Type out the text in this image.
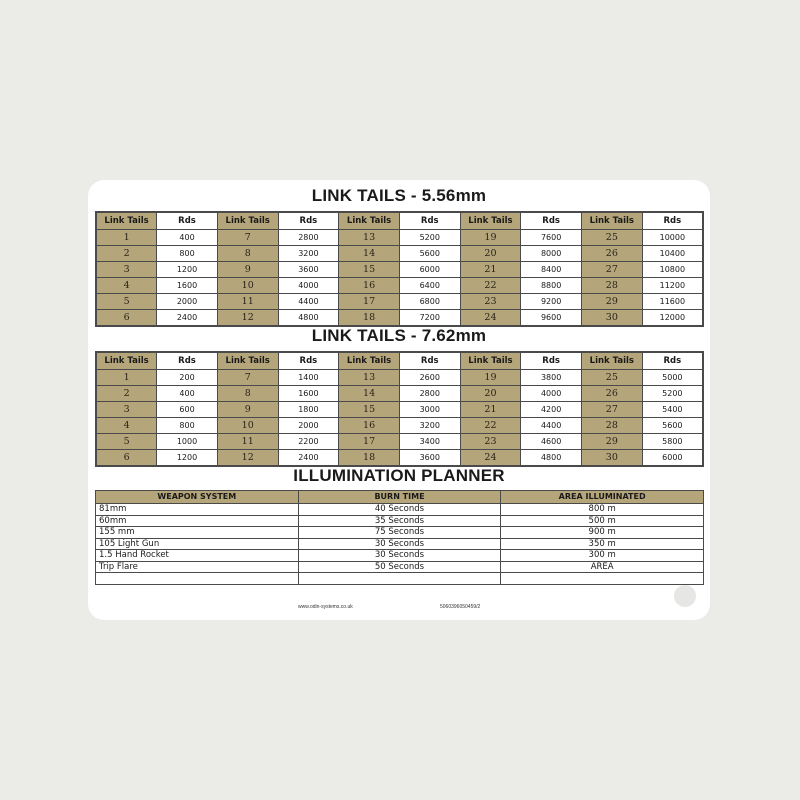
LINK TAILS - 5.56mm
Link Tails	Rds	Link Tails	Rds	Link Tails	Rds	Link Tails	Rds	Link Tails	Rds
1	400	7	2800	13	5200	19	7600	25	10000
2	800	8	3200	14	5600	20	8000	26	10400
3	1200	9	3600	15	6000	21	8400	27	10800
4	1600	10	4000	16	6400	22	8800	28	11200
5	2000	11	4400	17	6800	23	9200	29	11600
6	2400	12	4800	18	7200	24	9600	30	12000
LINK TAILS - 7.62mm
Link Tails	Rds	Link Tails	Rds	Link Tails	Rds	Link Tails	Rds	Link Tails	Rds
1	200	7	1400	13	2600	19	3800	25	5000
2	400	8	1600	14	2800	20	4000	26	5200
3	600	9	1800	15	3000	21	4200	27	5400
4	800	10	2000	16	3200	22	4400	28	5600
5	1000	11	2200	17	3400	23	4600	29	5800
6	1200	12	2400	18	3600	24	4800	30	6000
ILLUMINATION PLANNER
WEAPON SYSTEM	BURN TIME	AREA ILLUMINATED
81mm	40 Seconds	800 m
60mm	35 Seconds	500 m
155 mm	75 Seconds	900 m
105 Light Gun	30 Seconds	350 m
1.5 Hand Rocket	30 Seconds	300 m
Trip Flare	50 Seconds	AREA

www.odin-systems.co.uk	5060396050459/2
